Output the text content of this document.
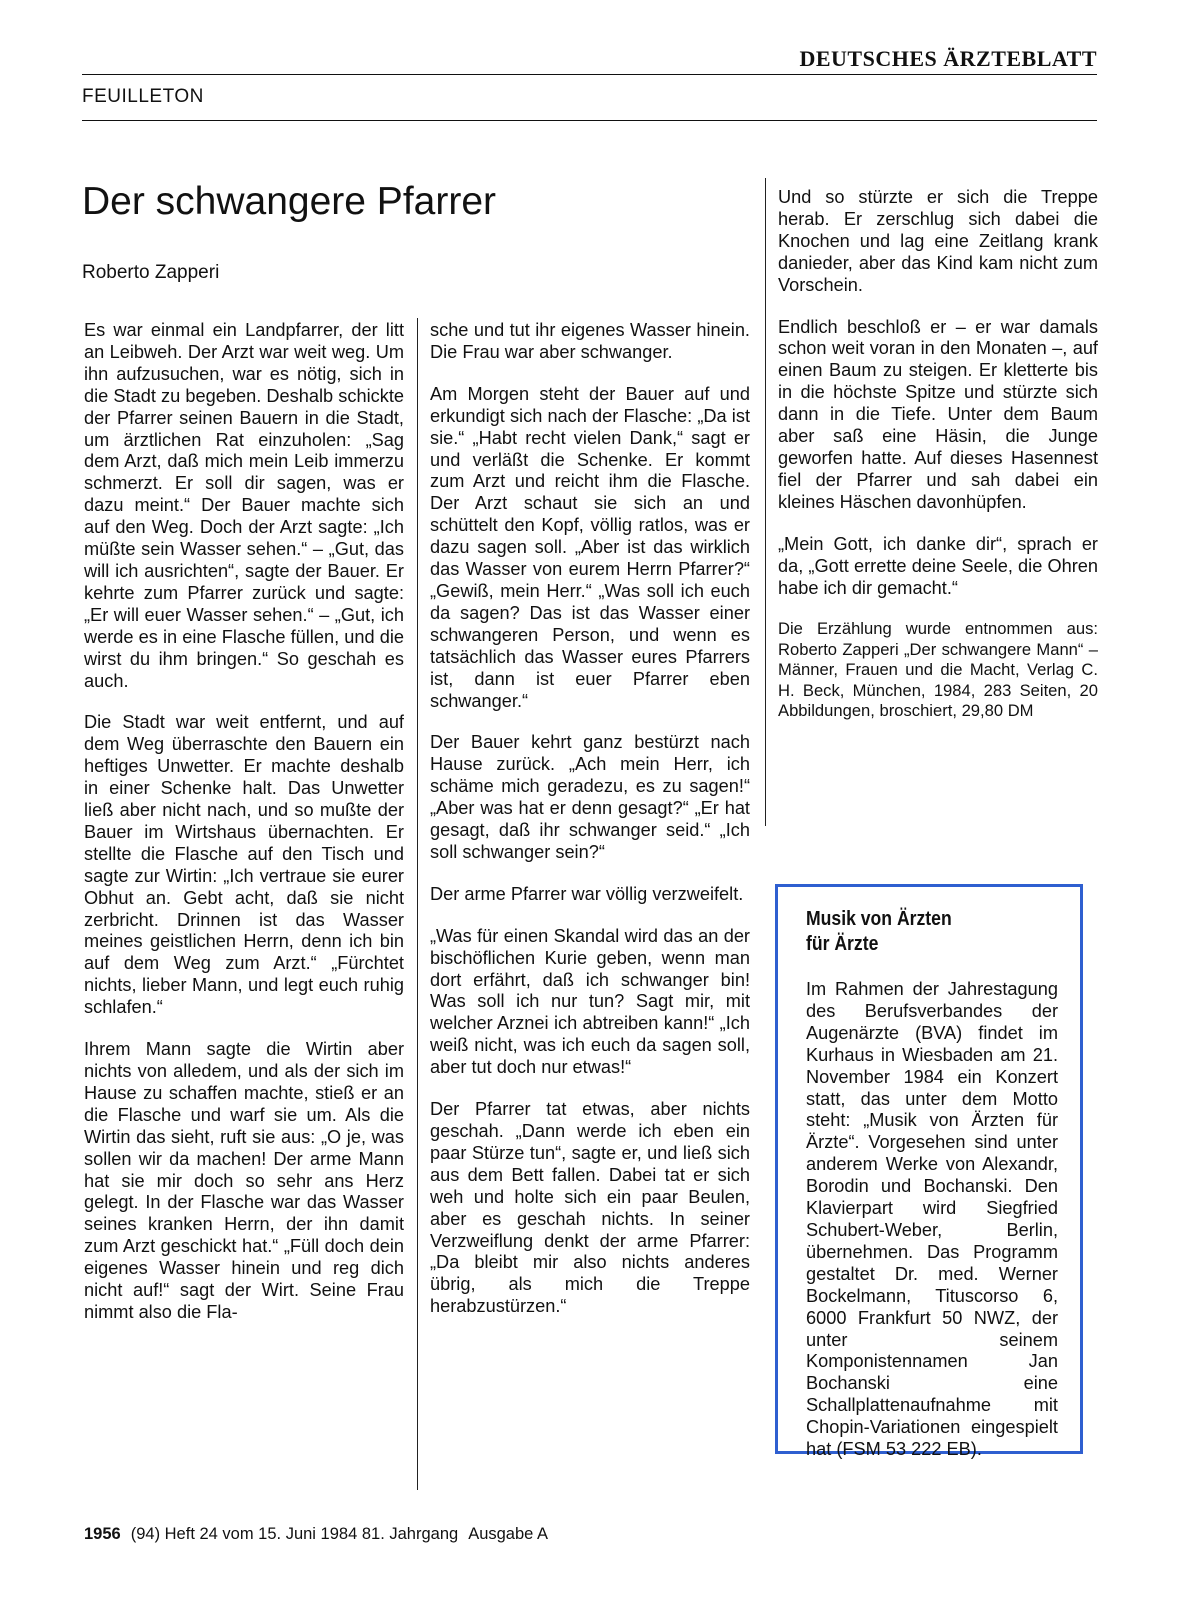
DEUTSCHES ÄRZTEBLATT
FEUILLETON
Der schwangere Pfarrer
Roberto Zapperi

Es war einmal ein Landpfarrer, der litt an Leibweh. Der Arzt war weit weg. Um ihn aufzusuchen, war es nötig, sich in die Stadt zu begeben. Deshalb schickte der Pfarrer seinen Bauern in die Stadt, um ärztlichen Rat einzuholen: „Sag dem Arzt, daß mich mein Leib immerzu schmerzt. Er soll dir sagen, was er dazu meint.“ Der Bauer machte sich auf den Weg. Doch der Arzt sagte: „Ich müßte sein Wasser sehen.“ – „Gut, das will ich ausrichten“, sagte der Bauer. Er kehrte zum Pfarrer zurück und sagte: „Er will euer Wasser sehen.“ – „Gut, ich werde es in eine Flasche füllen, und die wirst du ihm bringen.“ So geschah es auch.

Die Stadt war weit entfernt, und auf dem Weg überraschte den Bauern ein heftiges Unwetter. Er machte deshalb in einer Schenke halt. Das Unwetter ließ aber nicht nach, und so mußte der Bauer im Wirtshaus übernachten. Er stellte die Flasche auf den Tisch und sagte zur Wirtin: „Ich vertraue sie eurer Obhut an. Gebt acht, daß sie nicht zerbricht. Drinnen ist das Wasser meines geistlichen Herrn, denn ich bin auf dem Weg zum Arzt.“ „Fürchtet nichts, lieber Mann, und legt euch ruhig schlafen.“

Ihrem Mann sagte die Wirtin aber nichts von alledem, und als der sich im Hause zu schaffen machte, stieß er an die Flasche und warf sie um. Als die Wirtin das sieht, ruft sie aus: „O je, was sollen wir da machen! Der arme Mann hat sie mir doch so sehr ans Herz gelegt. In der Flasche war das Wasser seines kranken Herrn, der ihn damit zum Arzt geschickt hat.“ „Füll doch dein eigenes Wasser hinein und reg dich nicht auf!“ sagt der Wirt. Seine Frau nimmt also die Fla-

sche und tut ihr eigenes Wasser hinein. Die Frau war aber schwanger.

Am Morgen steht der Bauer auf und erkundigt sich nach der Flasche: „Da ist sie.“ „Habt recht vielen Dank,“ sagt er und verläßt die Schenke. Er kommt zum Arzt und reicht ihm die Flasche. Der Arzt schaut sie sich an und schüttelt den Kopf, völlig ratlos, was er dazu sagen soll. „Aber ist das wirklich das Wasser von eurem Herrn Pfarrer?“ „Gewiß, mein Herr.“ „Was soll ich euch da sagen? Das ist das Wasser einer schwangeren Person, und wenn es tatsächlich das Wasser eures Pfarrers ist, dann ist euer Pfarrer eben schwanger.“

Der Bauer kehrt ganz bestürzt nach Hause zurück. „Ach mein Herr, ich schäme mich geradezu, es zu sagen!“ „Aber was hat er denn gesagt?“ „Er hat gesagt, daß ihr schwanger seid.“ „Ich soll schwanger sein?“

Der arme Pfarrer war völlig verzweifelt.

„Was für einen Skandal wird das an der bischöflichen Kurie geben, wenn man dort erfährt, daß ich schwanger bin! Was soll ich nur tun? Sagt mir, mit welcher Arznei ich abtreiben kann!“ „Ich weiß nicht, was ich euch da sagen soll, aber tut doch nur etwas!“

Der Pfarrer tat etwas, aber nichts geschah. „Dann werde ich eben ein paar Stürze tun“, sagte er, und ließ sich aus dem Bett fallen. Dabei tat er sich weh und holte sich ein paar Beulen, aber es geschah nichts. In seiner Verzweiflung denkt der arme Pfarrer: „Da bleibt mir also nichts anderes übrig, als mich die Treppe herabzustürzen.“

Und so stürzte er sich die Treppe herab. Er zerschlug sich dabei die Knochen und lag eine Zeitlang krank danieder, aber das Kind kam nicht zum Vorschein.

Endlich beschloß er – er war damals schon weit voran in den Monaten –, auf einen Baum zu steigen. Er kletterte bis in die höchste Spitze und stürzte sich dann in die Tiefe. Unter dem Baum aber saß eine Häsin, die Junge geworfen hatte. Auf dieses Hasennest fiel der Pfarrer und sah dabei ein kleines Häschen davonhüpfen.

„Mein Gott, ich danke dir“, sprach er da, „Gott errette deine Seele, die Ohren habe ich dir gemacht.“

Die Erzählung wurde entnommen aus: Roberto Zapperi „Der schwangere Mann“ – Männer, Frauen und die Macht, Verlag C. H. Beck, München, 1984, 283 Seiten, 20 Abbildungen, broschiert, 29,80 DM
Musik von Ärzten
für Ärzte
Im Rahmen der Jahrestagung des Berufsverbandes der Augenärzte (BVA) findet im Kurhaus in Wiesbaden am 21. November 1984 ein Konzert statt, das unter dem Motto steht: „Musik von Ärzten für Ärzte“. Vorgesehen sind unter anderem Werke von Alexandr, Borodin und Bochanski. Den Klavierpart wird Siegfried Schubert-Weber, Berlin, übernehmen. Das Programm gestaltet Dr. med. Werner Bockelmann, Tituscorso 6, 6000 Frankfurt 50 NWZ, der unter seinem Komponistennamen Jan Bochanski eine Schallplattenaufnahme mit Chopin-Variationen eingespielt hat (FSM 53 222 EB).
1956 (94) Heft 24 vom 15. Juni 1984 81. Jahrgang Ausgabe A
